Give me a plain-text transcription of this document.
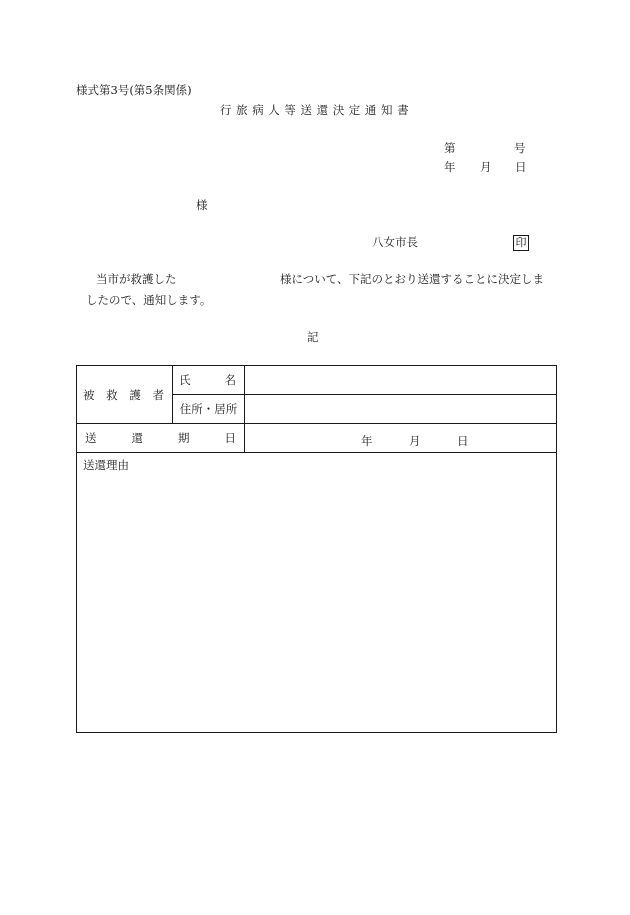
様式第3号(第5条関係)
行旅病人等送還決定通知書
第	号
年 月 日
様
八女市長	印
当市が救護した	様について、下記のとおり送還することに決定しま
したので、通知します。
記
被 救 護 者	氏 名	

	住所・居所	

送 還 期 日		年 月 日

送還理由		
